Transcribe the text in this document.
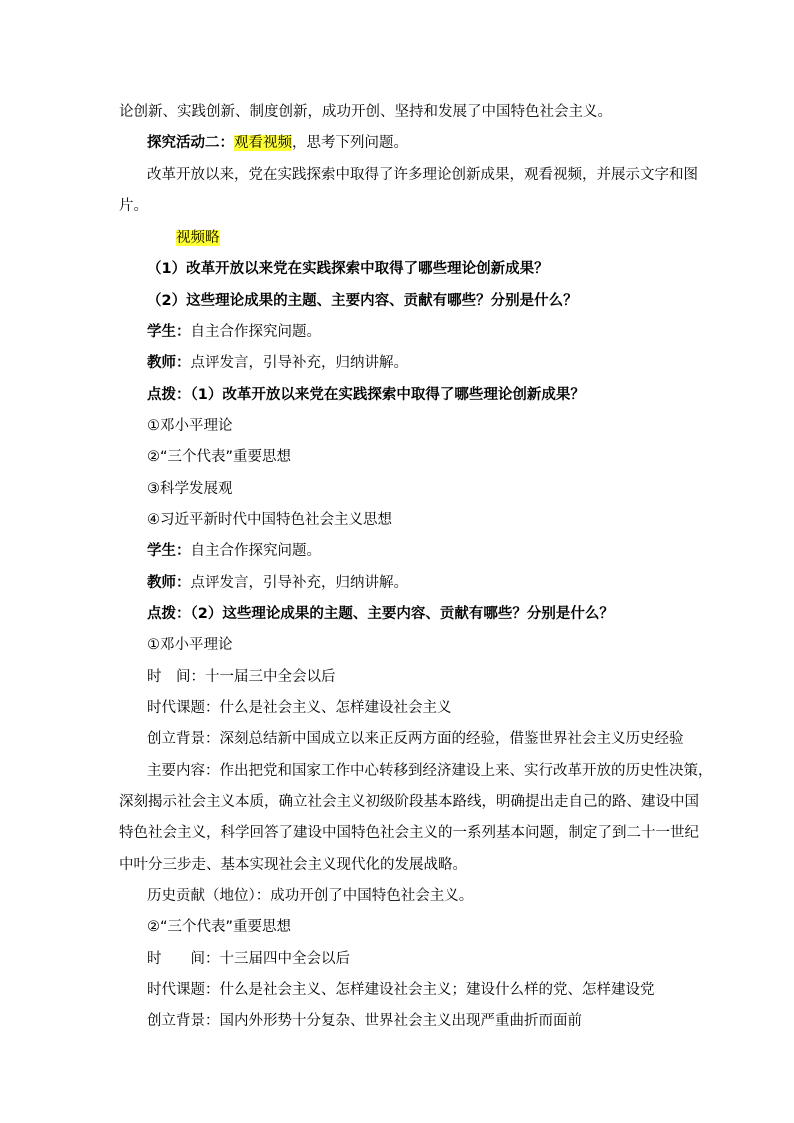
论创新、实践创新、制度创新，成功开创、坚持和发展了中国特色社会主义。
探究活动二：观看视频，思考下列问题。
改革开放以来，党在实践探索中取得了许多理论创新成果，观看视频，并展示文字和图
片。
视频略
（1）改革开放以来党在实践探索中取得了哪些理论创新成果？
（2）这些理论成果的主题、主要内容、贡献有哪些？分别是什么？
学生：自主合作探究问题。
教师：点评发言，引导补充，归纳讲解。
点拨：（1）改革开放以来党在实践探索中取得了哪些理论创新成果？
①邓小平理论
②“三个代表”重要思想
③科学发展观
④习近平新时代中国特色社会主义思想
学生：自主合作探究问题。
教师：点评发言，引导补充，归纳讲解。
点拨：（2）这些理论成果的主题、主要内容、贡献有哪些？分别是什么？
①邓小平理论
时　间：十一届三中全会以后
时代课题：什么是社会主义、怎样建设社会主义
创立背景：深刻总结新中国成立以来正反两方面的经验，借鉴世界社会主义历史经验
主要内容：作出把党和国家工作中心转移到经济建设上来、实行改革开放的历史性决策，
深刻揭示社会主义本质，确立社会主义初级阶段基本路线，明确提出走自己的路、建设中国
特色社会主义，科学回答了建设中国特色社会主义的一系列基本问题，制定了到二十一世纪
中叶分三步走、基本实现社会主义现代化的发展战略。
历史贡献（地位）：成功开创了中国特色社会主义。
②“三个代表”重要思想
时　　间：十三届四中全会以后
时代课题：什么是社会主义、怎样建设社会主义；建设什么样的党、怎样建设党
创立背景：国内外形势十分复杂、世界社会主义出现严重曲折而面前
